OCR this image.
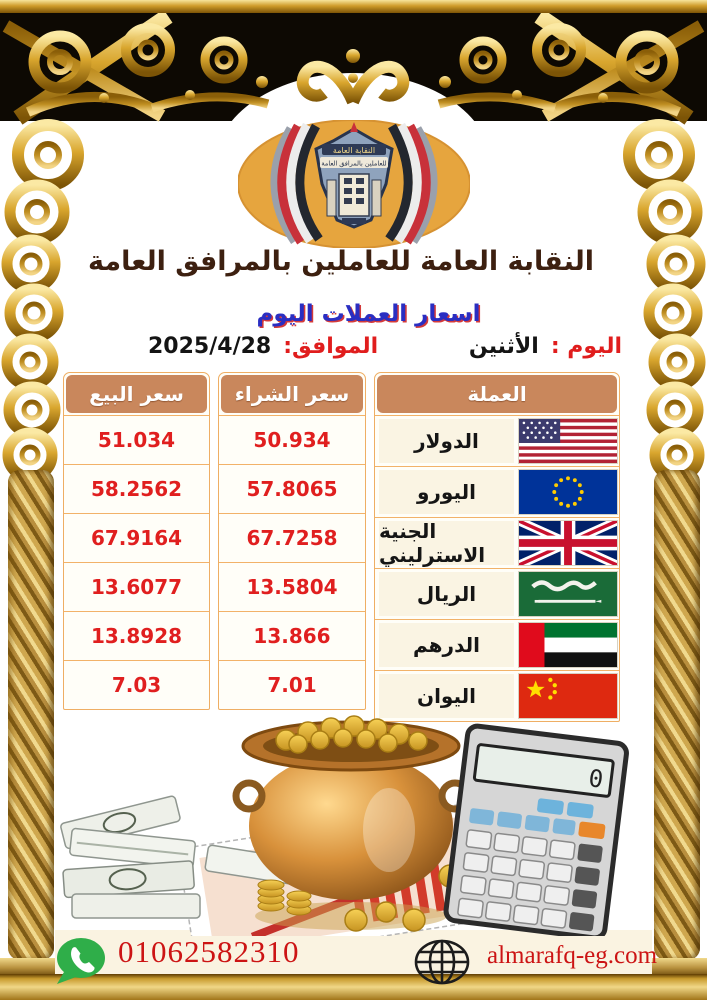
النقابة العامة
للعاملين بالمرافق العامة
النقابة العامة للعاملين بالمرافق العامة
اسعار العملات اليوم
اليوم :
الأثنين
الموافق:
2025/4/28
سعر البيع
51.034
58.2562
67.9164
13.6077
13.8928
7.03
سعر الشراء
50.934
57.8065
67.7258
13.5804
13.866
7.01
العملة
الدولار
اليورو
الجنية الاسترليني
الريال
الدرهم
اليوان
0
01062582310	almarafq-eg.com
